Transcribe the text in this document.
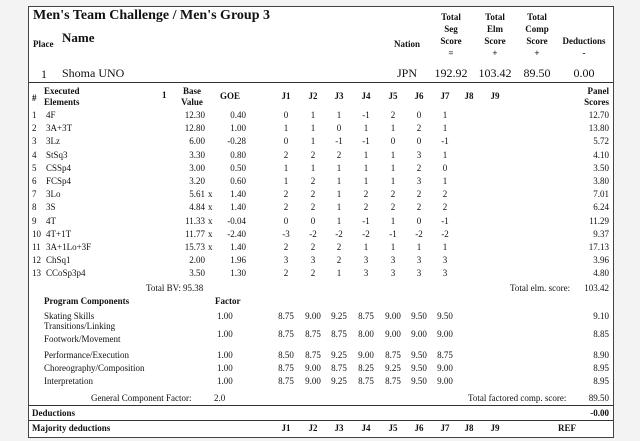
Men's Team Challenge / Men's Group 3
Place Name	Nation
Total
Seg
Score
=
Total
Elm
Score
+
Total
Comp
Score
+
Deductions
-
1 Shoma UNO	JPN	192.92 103.42	89.50	0.00
#
Executed
Elements
1	Base
Value
GOE	J1	J2	J3	J4	J5	J6	J7	J8	J9	Panel
Scores
1 4F	12.30	0.40	0	1	1	-1	2	0	1	12.70
2 3A+3T	12.80	1.00	1	1	0	1	1	2	1	13.80
3 3Lz	6.00	-0.28	0	1	-1	-1	0	0	-1	5.72
4 StSq3	3.30	0.80	2	2	2	1	1	3	1	4.10
5 CSSp4	3.00	0.50	1	1	1	1	1	2	0	3.50
6 FCSp4	3.20	0.60	1	2	1	1	1	3	1	3.80
7 3Lo	5.61 x	1.40	2	2	1	2	2	2	2	7.01
8 3S	4.84 x	1.40	2	2	1	2	2	2	2	6.24
9 4T	11.33 x	-0.04	0	0	1	-1	1	0	-1	11.29
10 4T+1T	11.77 x	-2.40	-3	-2	-2	-2	-1	-2	-2	9.37
11 3A+1Lo+3F	15.73 x	1.40	2	2	2	1	1	1	1	17.13
12 ChSq1	2.00	1.96	3	3	2	3	3	3	3	3.96
13 CCoSp3p4	3.50	1.30	2	2	1	3	3	3	3	4.80
Total BV: 95.38	Total elm. score:	103.42
Program Components	Factor
Skating Skills	1.00	8.75	9.00	9.25	8.75	9.00	9.50	9.50	9.10
Transitions/Linking
Footwork/Movement	1.00	8.75	8.75	8.75	8.00	9.00	9.00	9.00	8.85
Performance/Execution	1.00	8.50	8.75	9.25	9.00	8.75	9.50	8.75	8.90
Choreography/Composition	1.00	8.75	9.00	8.75	8.25	9.25	9.50	9.00	8.95
Interpretation	1.00	8.75	9.00	9.25	8.75	8.75	9.50	9.00	8.95
General Component Factor:	2.0	Total factored comp. score:	89.50
Deductions	-0.00
Majority deductions	J1	J2	J3	J4	J5	J6	J7	J8	J9	REF
